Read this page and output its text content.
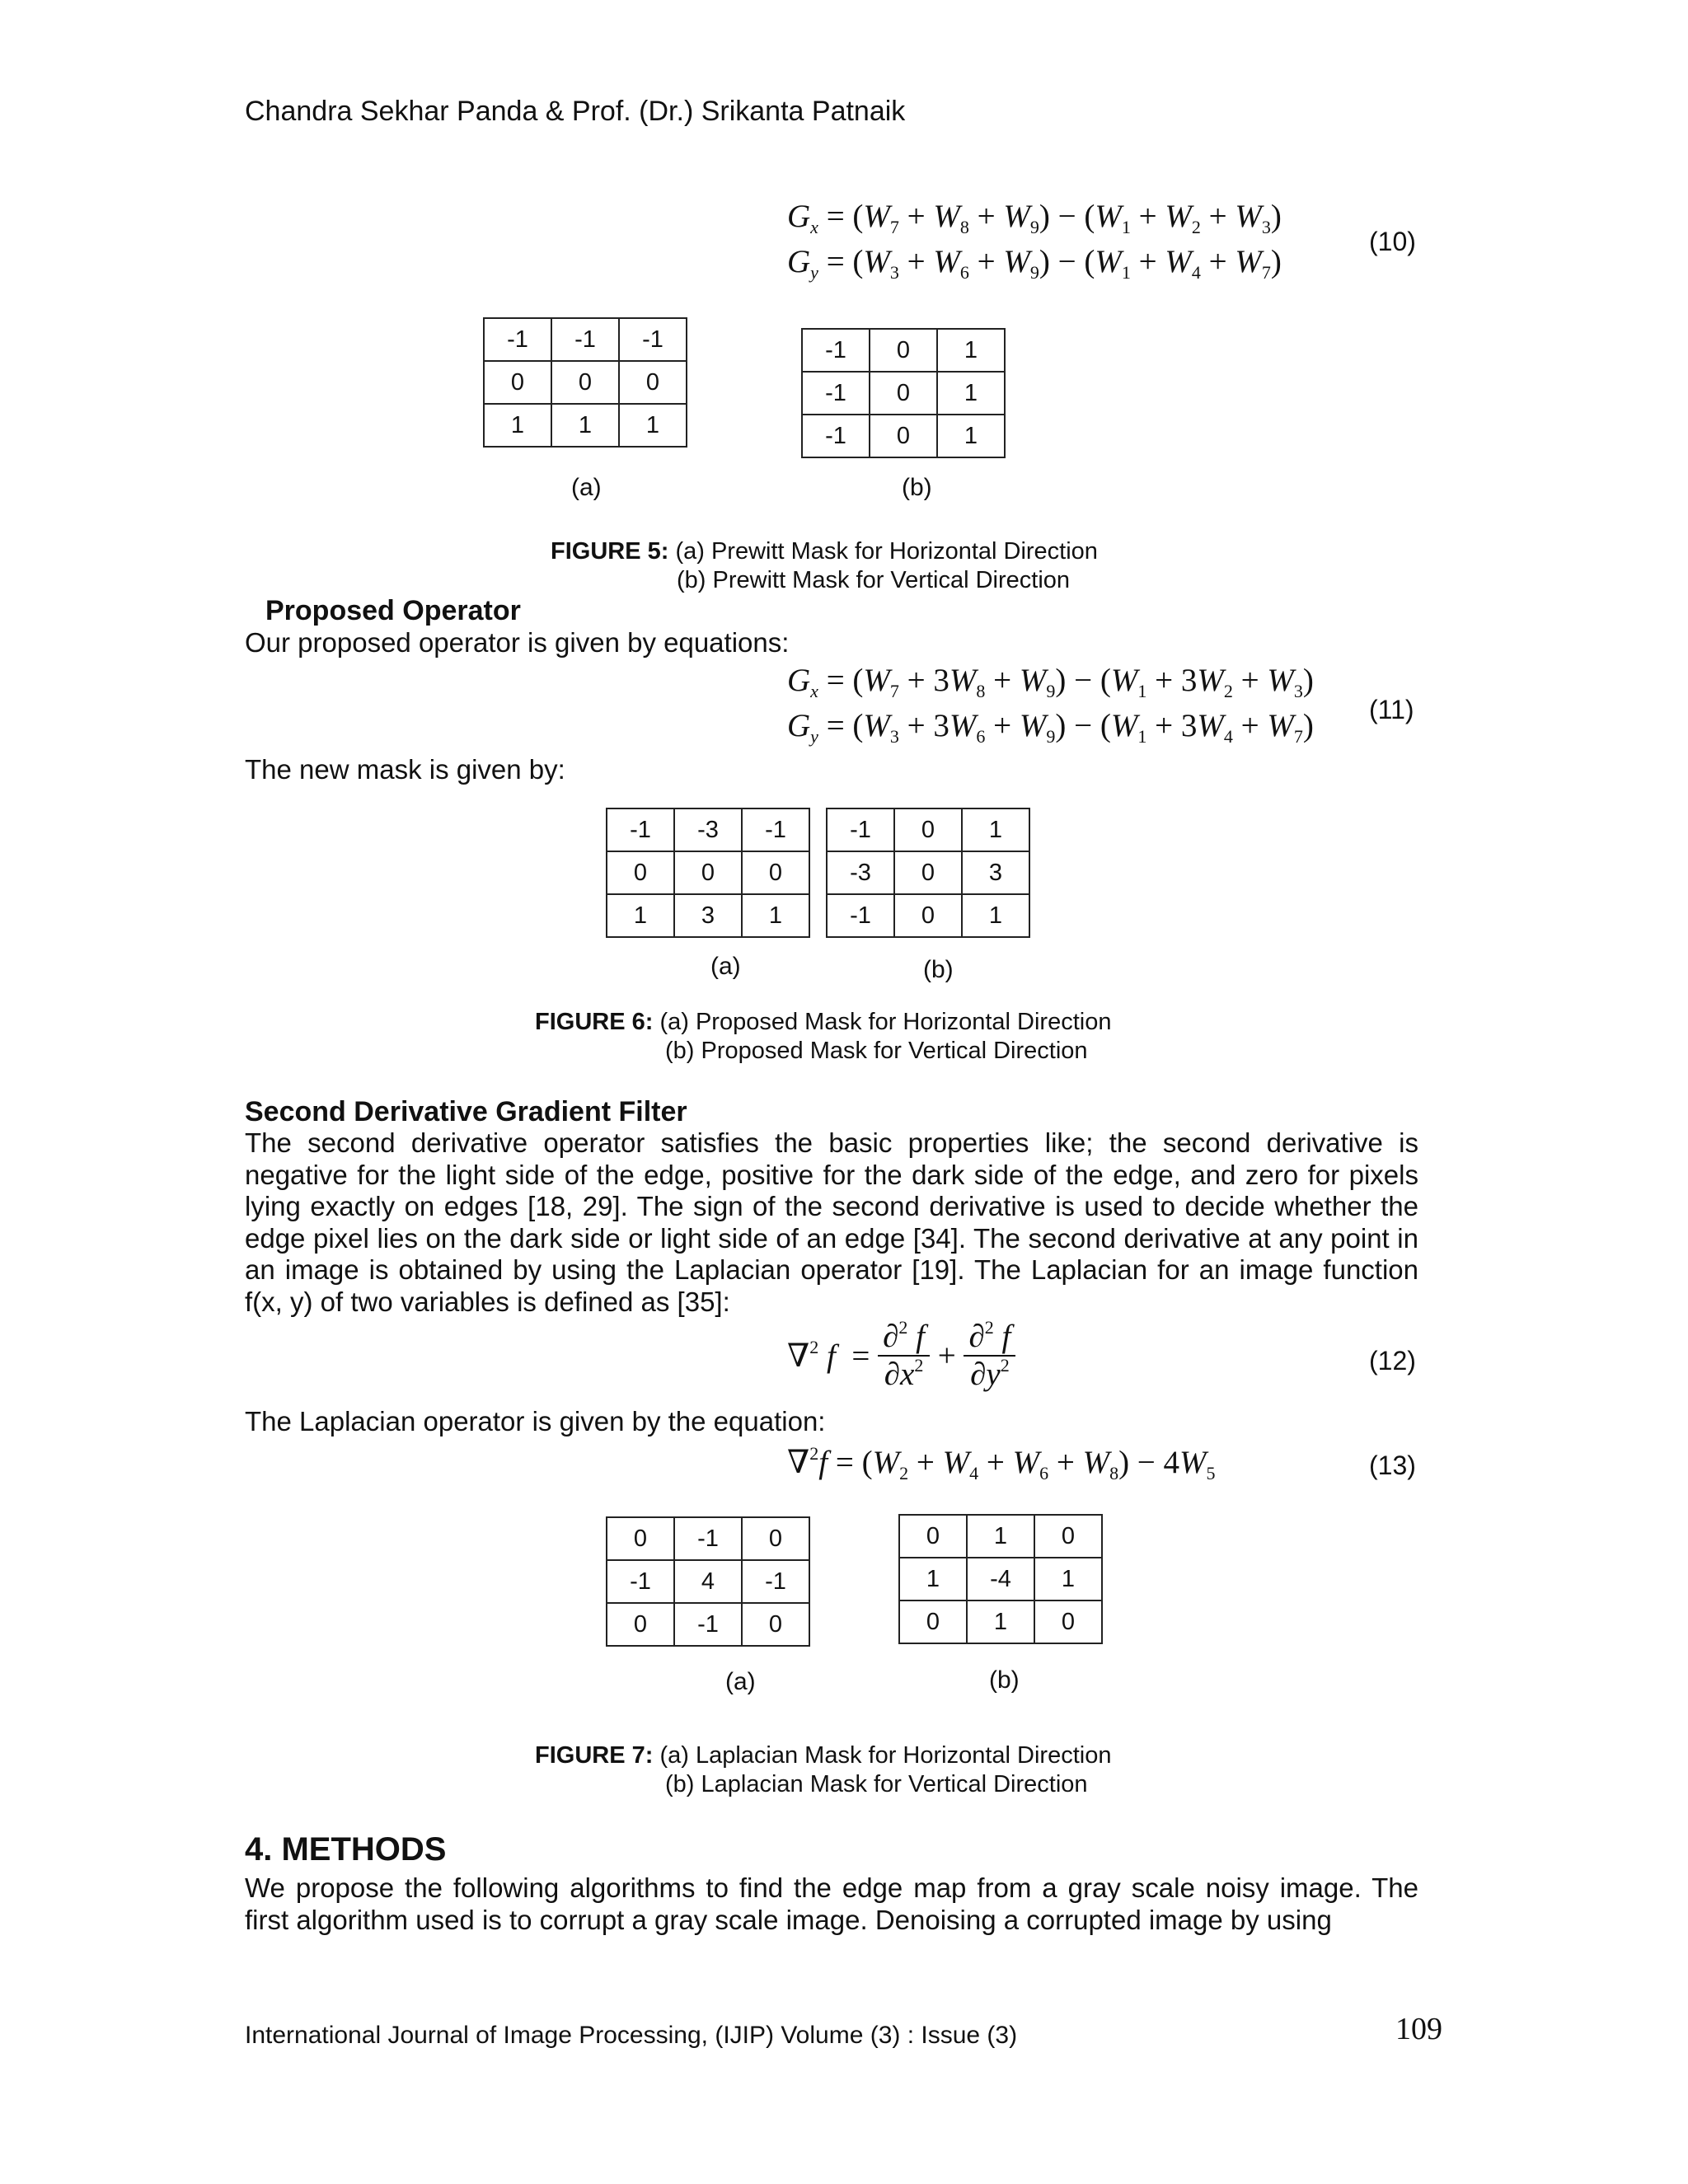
Chandra Sekhar Panda & Prof. (Dr.) Srikanta Patnaik
$G_x = (W_7 + W_8 + W_9) - (W_1 + W_2 + W_3)$
$G_y = (W_3 + W_6 + W_9) - (W_1 + W_4 + W_7)$
(10)
-1	-1	-1
0	0	0
1	1	1
-1	0	1
-1	0	1
-1	0	1
(a)	(b)
FIGURE 5: (a) Prewitt Mask for Horizontal Direction
(b) Prewitt Mask for Vertical Direction
Proposed Operator
Our proposed operator is given by equations:
$G_x = (W_7 + 3W_8 + W_9) - (W_1 + 3W_2 + W_3)$
$G_y = (W_3 + 3W_6 + W_9) - (W_1 + 3W_4 + W_7)$ (11)
The new mask is given by:
-1	-3	-1
0	0	0
1	3	1
-1	0	1
-3	0	3
-1	0	1
(a)	(b)
FIGURE 6: (a) Proposed Mask for Horizontal Direction
(b) Proposed Mask for Vertical Direction
Second Derivative Gradient Filter
The second derivative operator satisfies the basic properties like; the second derivative is negative for the light side of the edge, positive for the dark side of the edge, and zero for pixels lying exactly on edges [18, 29]. The sign of the second derivative is used to decide whether the edge pixel lies on the dark side or light side of an edge [34]. The second derivative at any point in an image is obtained by using the Laplacian operator [19]. The Laplacian for an image function f(x, y) of two variables is defined as [35]:
∇$^2$ $f = \frac{\partial^2 f}{\partial x^2} + \frac{\partial^2 f}{\partial y^2}$	(12)
The Laplacian operator is given by the equation:
$\nabla^2f = (W_2 + W_4 + W_6 + W_8) - 4W_5$	(13)
0	-1	0
-1	4	-1
0	-1	0
0	1	0
1	-4	1
0	1	0
(a)	(b)
FIGURE 7: (a) Laplacian Mask for Horizontal Direction
(b) Laplacian Mask for Vertical Direction
4. METHODS
We propose the following algorithms to find the edge map from a gray scale noisy image. The first algorithm used is to corrupt a gray scale image. Denoising a corrupted image by using
International Journal of Image Processing, (IJIP) Volume (3) : Issue (3)	109
